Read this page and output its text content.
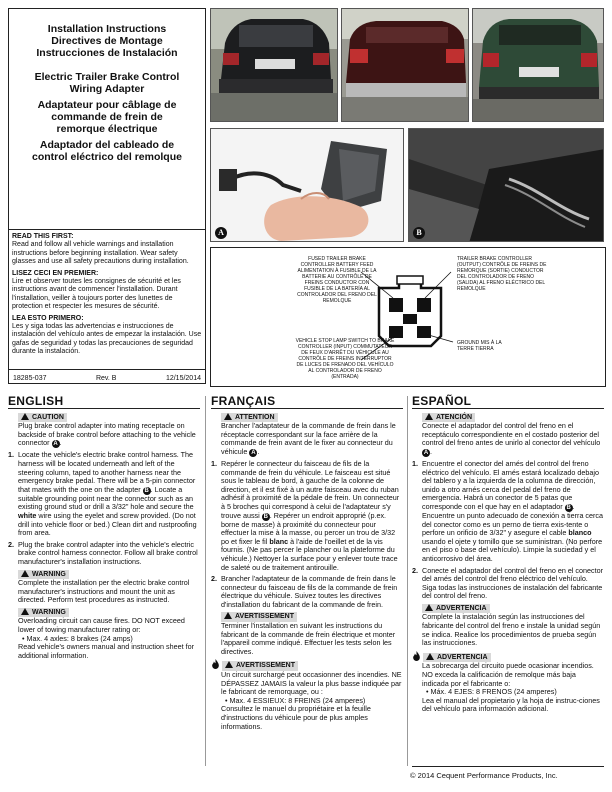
Installation Instructions
Directives de Montage
Instrucciones de Instalación
Electric Trailer Brake Control Wiring Adapter
Adaptateur pour câblage de commande de frein de remorque électrique
Adaptador del cableado de control eléctrico del remolque

READ THIS FIRST:
Read and follow all vehicle warnings and installation instructions before beginning installation. Wear safety glasses and use all safety precautions during installation.

LISEZ CECI EN PREMIER:
Lire et observer toutes les consignes de sécurité et les instructions avant de commencer l'installation. Durant l'installation, veiller à toujours porter des lunettes de protection et respecter les mesures de sécurité.

LEA ESTO PRIMERO:
Les y siga todas las advertencias e instrucciones de instalación del vehículo antes de empezar la instalación. Use gafas de seguridad y todas las precauciones de seguridad durante la instalación.

18285-037	Rev. B	12/15/2014
A	B
FUSED TRAILER BRAKE CONTROLLER BATTERY FEED ALIMENTATION À FUSIBLE DE LA BATTERIE AU CONTRÔLE DE FREINS CONDUCTOR CON FUSIBLE DE LA BATERÍA AL CONTROLADOR DEL FRENO DEL REMOLQUE
TRAILER BRAKE CONTROLLER (OUTPUT) CONTRÔLE DE FREINS DE REMORQUE (SORTIE) CONDUCTOR DEL CONTROLADOR DE FRENO (SALIDA) AL FRENO ELÉCTRICO DEL REMOLQUE
VEHICLE STOP LAMP SWITCH TO BRAKE CONTROLLER (INPUT) COMMUTATEUR DE FEUX D'ARRÊT DU VÉHICULE AU CONTRÔLE DE FREINS INTERRUPTOR DE LUCES DE FRENADO DEL VEHÍCULO AL CONTROLADOR DE FRENO (ENTRADA)
GROUND MIS À LA TERRE TIERRA
ENGLISH
CAUTION
Plug brake control adapter into mating receptacle on backside of brake control before attaching to the vehicle connector A .
1. Locate the vehicle's electric brake control harness. The harness will be located underneath and left of the steering column, taped to another harness near the emergency brake pedal. There will be a 5-pin connector that mates with the one on the adapter B . Locate a suitable grounding point near the connector such as an existing ground stud or drill a 3/32" hole and secure the white wire using the eyelet and screw provided. (Do not drill into vehicle floor or bed.) Clean dirt and rustproofing from area.
2. Plug the brake control adapter into the vehicle's electric brake control harness connector. Follow all brake control manufacturer's installation instructions.
WARNING
Complete the installation per the electric brake control manufacturer's instructions and mount the unit as directed. Perform test procedures as instructed.
WARNING
Overloading circuit can cause fires. DO NOT exceed lower of towing manufacturer rating or:
• Max. 4 axles: 8 brakes (24 amps)
Read vehicle's owners manual and instruction sheet for additional information.
FRANÇAIS
ATTENTION
Brancher l'adaptateur de la commande de frein dans le réceptacle correspondant sur la face arrière de la commande de frein avant de le fixer au connecteur du véhicule A .
1. Repérer le connecteur du faisceau de fils de la commande de frein du véhicule. Le faisceau est situé sous le tableau de bord, à gauche de la colonne de direction, et il est fixé à un autre faisceau avec du ruban adhésif à proximité de la pédale de frein. Un connecteur à 5 broches qui correspond à celui de l'adaptateur s'y trouve aussi B . Repérer un endroit approprié (p.ex. borne de masse) à proximité du connecteur pour effectuer la mise à la masse, ou percer un trou de 3/32 po et fixer le fil blanc à l'aide de l'oeillet et de la vis fournis. (Ne pas percer le plancher ou la plateforme du véhicule.) Nettoyer la surface pour y enlever toute trace de saleté ou de traitement antirouille.
2. Brancher l'adaptateur de la commande de frein dans le connecteur du faisceau de fils de la commande de frein électrique du véhicule. Suivez toutes les directives d'installation du fabricant de la commande de frein.
AVERTISSEMENT
Terminer l'installation en suivant les instructions du fabricant de la commande de frein électrique et monter l'appareil comme indiqué. Effectuer les tests selon les directives.
AVERTISSEMENT
Un circuit surchargé peut occasionner des incendies. NE DÉPASSEZ JAMAIS la valeur la plus basse indiquée par le fabricant de remorquage, ou :
• Max. 4 ESSIEUX: 8 FREINS (24 amperes)
Consultez le manuel du propriétaire et la feuille d'instructions du véhicule pour de plus amples informations.
ESPAÑOL
ATENCIÓN
Conecte el adaptador del control del freno en el receptáculo correspondiente en el costado posterior del control del freno antes de unirlo al conector del vehículo A .
1. Encuentre el conector del arnés del control del freno eléctrico del vehículo. El arnés estará localizado debajo del tablero y a la izquierda de la columna de dirección, unido a otro arnés cerca del pedal del freno de emergencia. Habrá un conector de 5 patas que corresponde con el que hay en el adaptador B . Encuentre un punto adecuado de conexión a tierra cerca del conector como es un perno de tierra exis-tente o perfore un orificio de 3/32" y asegure el cable blanco usando el ojete y tornillo que se suministran. (No perfore en el piso o base del vehículo). Limpie la suciedad y el anticorrosivo del área.
2. Conecte el adaptador del control del freno en el conector del arnés del control del freno eléctrico del vehículo. Siga todas las instrucciones de instalación del fabricante del control del freno.
ADVERTENCIA
Complete la instalación según las instrucciones del fabricante del control del freno e instale la unidad según se indica. Realice los procedimientos de prueba según las instrucciones.
ADVERTENCIA
La sobrecarga del circuito puede ocasionar incendios. NO exceda la calificación de remolque más baja indicada por el fabricante o:
• Máx. 4 EJES: 8 FRENOS (24 amperes)
Lea el manual del propietario y la hoja de instruc-ciones del vehículo para información adicional.
© 2014 Cequent Performance Products, Inc.
